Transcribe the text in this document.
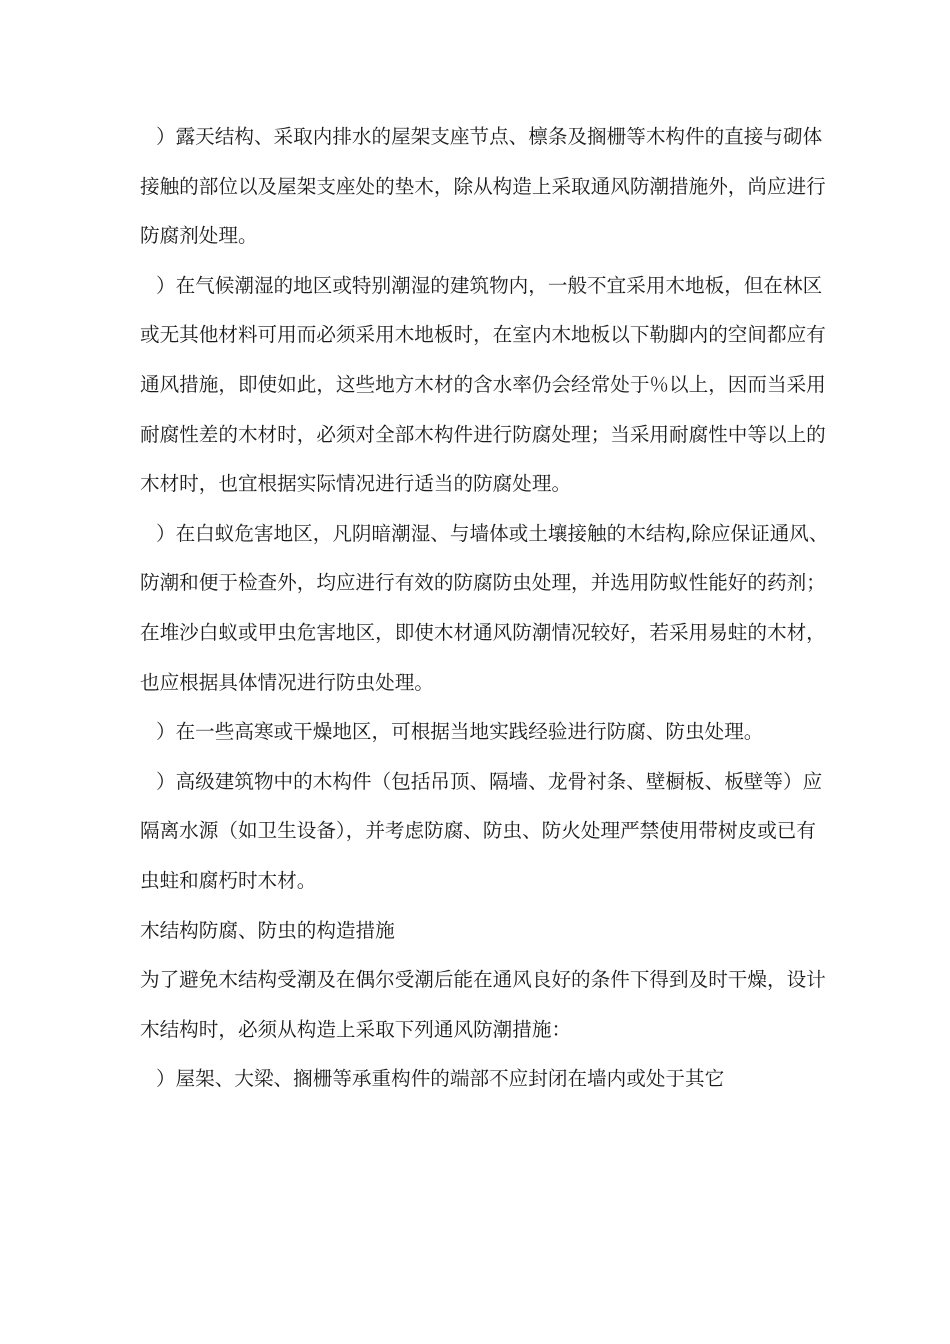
）露天结构、采取内排水的屋架支座节点、檩条及搁栅等木构件的直接与砌体接触的部位以及屋架支座处的垫木，除从构造上采取通风防潮措施外，尚应进行防腐剂处理。

）在气候潮湿的地区或特别潮湿的建筑物内，一般不宜采用木地板，但在林区或无其他材料可用而必须采用木地板时，在室内木地板以下勒脚内的空间都应有通风措施，即使如此，这些地方木材的含水率仍会经常处于％以上，因而当采用耐腐性差的木材时，必须对全部木构件进行防腐处理；当采用耐腐性中等以上的木材时，也宜根据实际情况进行适当的防腐处理。

）在白蚁危害地区，凡阴暗潮湿、与墙体或土壤接触的木结构,除应保证通风、防潮和便于检查外，均应进行有效的防腐防虫处理，并选用防蚁性能好的药剂；在堆沙白蚁或甲虫危害地区，即使木材通风防潮情况较好，若采用易蛀的木材，也应根据具体情况进行防虫处理。

）在一些高寒或干燥地区，可根据当地实践经验进行防腐、防虫处理。

）高级建筑物中的木构件（包括吊顶、隔墙、龙骨衬条、壁橱板、板壁等）应隔离水源（如卫生设备），并考虑防腐、防虫、防火处理严禁使用带树皮或已有虫蛀和腐朽时木材。

木结构防腐、防虫的构造措施

为了避免木结构受潮及在偶尔受潮后能在通风良好的条件下得到及时干燥，设计木结构时，必须从构造上采取下列通风防潮措施：

）屋架、大梁、搁栅等承重构件的端部不应封闭在墙内或处于其它
